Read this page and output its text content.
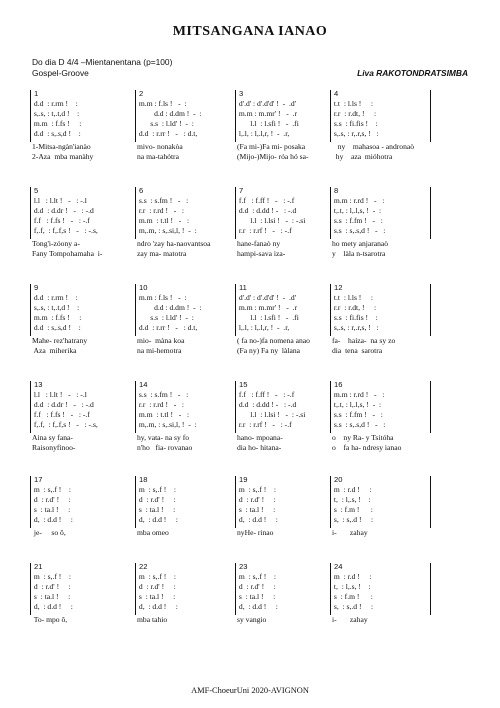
MITSANGANA IANAO
Do dia D 4/4 –Mientanentana (p=100)
Gospel-Groove	Liva RAKOTONDRATSIMBA
1
d.d  : r.rm !    :
s,.s, : t,.t,d !    :
m.m  : f.fs !     :
d.d  : s,.s,d !    :
2
m.m : f.ls !   -  :
d.d : d.dm !  -  :
s.s  : l.ld' !  -  :
d.d  : r.rr !   -   : d.t,
3
d'.d' : d'.d'd' !  -  .d'
m.m : m.mr' !   -  .r
l.l  : l.sfi !   -  .fi
l,.l, : l,.l,r, !  -  .r,
4
t.t  : l.ls !     :
r.r  : r.dt, !     :
s.s  : fi.fis !    :
s,.s, : r,.r,s, !   :
1-Mitsa-ngàn'ianào	mivo- nonakòa	(Fa mi-)Fa mi- posaka	ny    mahasoa - andronaò
2-Aza  mba manàhy	na ma-tahótra	(Mijo-)Mijo- róa hó sa-	hy    aza  mióhotra
5
l.l   : l.lt !   -   : -.l
d.d  : d.dr !   -   : -.d
f.f   : f.fs !   -   : -.f
f,.f,  : f,.f,s !   -   : -.s,
6
s.s  : s.fm !   -   :
r.r  : r.rd !   -   :
m.m  : t.tl !   -   :
m,.m, : s,.si,l, !  -  :
7
f.f   : f.ff !   -   : -.f
d.d  : d.dd ! -   : -.d
l.l  : l.lsi !   -  : -.si
r.r  : r.rf !   -   : -.f
8
m.m : r.rd !   -   :
t,.t, : l,.l,s, !  -  :
s.s  : f.fm !   -   :
s.s  : s,.s,d !   -   :
Tong'i-zóony a-	ndro 'zay ha-naovantsoa	hane-fanaò ny	ho mety anjaranaò
Fany Tompohamaha  i-	zay ma- matotra	hampi-sava iza-	y    làla n-tsarotra
9
d.d  : r.rm !    :
s,.s, : t,.t,d !    :
m.m  : f.fs !     :
d.d  : s,.s,d !    :
10
m.m : f.ls !   -  :
d.d : d.dm !  -  :
s.s  : l.ld' !  -  :
d.d  : r.rr !   -   : d.t,
11
d'.d' : d'.d'd' !  -  .d'
m.m : m.mr' !   -  .r
l.l  : l.sfi !   -  .fi
l,.l, : l,.l,r, !  -  .r,
12
t.t  : l.ls !     :
r.r  : r.dt, !     :
s.s  : fi.fis !    :
s,.s, : r,.r,s, !   :
Mahe- rez'hatrany	mio-  màna koa	( fa no-)fa nomena anao	fa-    haiza-  na sy zo
Aza  miherika	na mi-hemotra	(Fa ny) Fa ny  làlana	dia  tena  sarotra
13
l.l   : l.lt !   -   : -.l
d.d  : d.dr !   -   : -.d
f.f   : f.fs !   -   : -.f
f,.f,  : f,.f,s !   -   : -.s,
14
s.s  : s.fm !   -   :
r.r  : r.rd !   -   :
m.m  : t.tl !   -   :
m,.m, : s,.si,l, !  -  :
15
f.f   : f.ff !   -   : -.f
d.d  : d.dd ! -   : -.d
l.l  : l.lsi !   -  : -.si
r.r  : r.rf !   -   : -.f
16
m.m : r.rd !   -   :
t,.t, : l,.l,s, !  -  :
s.s  : f.fm !   -   :
s.s  : s,.s,d !   -   :
Aina sy fana-	hy, vata- na sy fo	hano- mpoana-	o    ny Ra- y Tsitóha
Raisonyfinoo-	n'ho   fia- rovanao	dia ho- hitana-	o    fa ha- ndresy ianao
17
m  : s,.f !    :
d  : r.d' !     :
s  : ta.l !     :
d,  : d.d !     :
18
m  : s,.f !    :
d  : r.d' !     :
s  : ta.l !     :
d,  : d.d !     :
19
m  : s,.f !    :
d  : r.d' !     :
s  : ta.l !     :
d,  : d.d !     :
20
m  : r.d !     :
t,  : l,.s, !    :
s  : f.m !      :
s,  : s,.d !     :
je-     so ô,	mba omeo	nyHe- rinao	i-       zahay
21
m  : s,.f !    :
d  : r.d' !     :
s  : ta.l !     :
d,  : d.d !     :
22
m  : s,.f !    :
d  : r.d' !     :
s  : ta.l !     :
d,  : d.d !     :
23
m  : s,.f !    :
d  : r.d' !     :
s  : ta.l !     :
d,  : d.d !     :
24
m  : r.d !     :
t,  : l,.s, !    :
s  : f.m !      :
s,  : s,.d !     :
To- mpo ô,	mba tahio	sy vangio	i-       zahay
AMF-ChoeurUni 2020-AVIGNON
